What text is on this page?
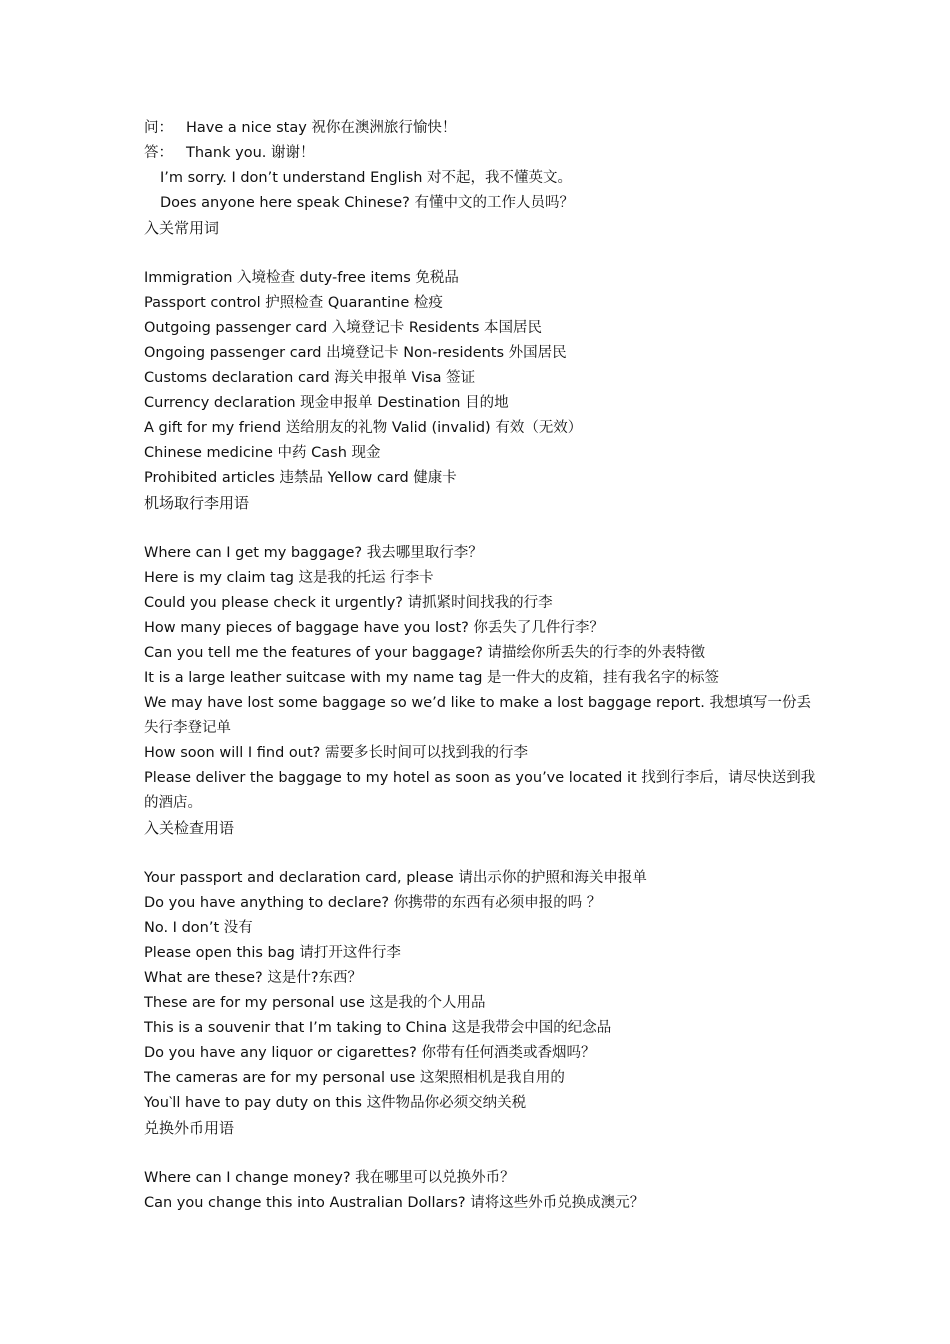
问： Have a nice stay 祝你在澳洲旅行愉快！
答： Thank you. 谢谢！
I’m sorry. I don’t understand English 对不起，我不懂英文。
Does anyone here speak Chinese? 有懂中文的工作人员吗？
入关常用词
Immigration 入境检查 duty-free items 免税品
Passport control 护照检查 Quarantine 检疫
Outgoing passenger card 入境登记卡 Residents 本国居民
Ongoing passenger card 出境登记卡 Non-residents 外国居民
Customs declaration card 海关申报单 Visa 签证
Currency declaration 现金申报单 Destination 目的地
A gift for my friend 送给朋友的礼物 Valid (invalid) 有效（无效）
Chinese medicine 中药 Cash 现金
Prohibited articles 违禁品 Yellow card 健康卡
机场取行李用语
Where can I get my baggage? 我去哪里取行李？
Here is my claim tag 这是我的托运 行李卡
Could you please check it urgently? 请抓紧时间找我的行李
How many pieces of baggage have you lost? 你丢失了几件行李？
Can you tell me the features of your baggage? 请描绘你所丢失的行李的外表特徵
It is a large leather suitcase with my name tag 是一件大的皮箱，挂有我名字的标签
We may have lost some baggage so we’d like to make a lost baggage report. 我想填写一份丢失行李登记单
How soon will I find out? 需要多长时间可以找到我的行李
Please deliver the baggage to my hotel as soon as you’ve located it 找到行李后，请尽快送到我的酒店。
入关检查用语
Your passport and declaration card, please 请出示你的护照和海关申报单
Do you have anything to declare? 你携带的东西有必须申报的吗 ？
No. I don’t 没有
Please open this bag 请打开这件行李
What are these? 这是什?东西？
These are for my personal use 这是我的个人用品
This is a souvenir that I’m taking to China 这是我带会中国的纪念品
Do you have any liquor or cigarettes? 你带有任何酒类或香烟吗？
The cameras are for my personal use 这架照相机是我自用的
You‵ll have to pay duty on this 这件物品你必须交纳关税
兑换外币用语
Where can I change money? 我在哪里可以兑换外币？
Can you change this into Australian Dollars? 请将这些外币兑换成澳元？
